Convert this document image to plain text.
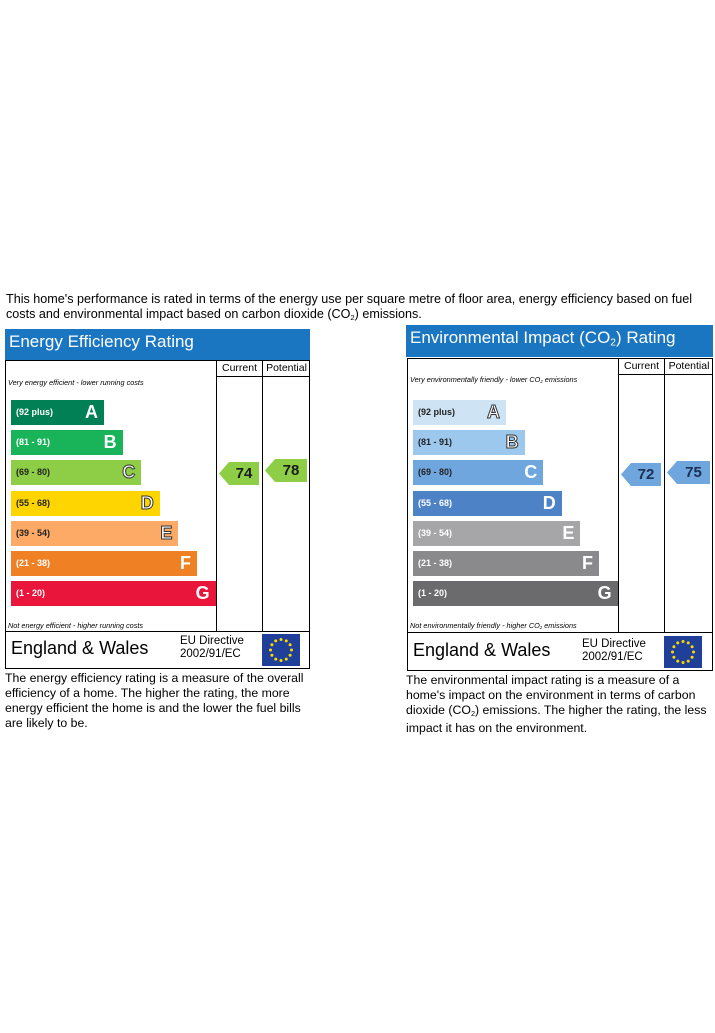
This home's performance is rated in terms of the energy use per square metre of floor area, energy efficiency based on fuel costs and environmental impact based on carbon dioxide $(CO_2)$ emissions.
Energy Efficiency Rating
Current Potential
Very energy efficient - lower running costs
Not energy efficient - higher running costs
(92 plus) A
(81 - 91)	B
(69 - 80)	C
(55 - 68)	D
(39 - 54)	E
(21 - 38)	F
(1 - 20)	G
74	78
England & Wales	EU Directive
2002/91/EC
The energy efficiency rating is a measure of the overall efficiency of a home. The higher the rating, the more energy efficient the home is and the lower the fuel bills are likely to be.
Environmental Impact $(CO_2)$ Rating
Current Potential
Very environmentally friendly - lower $CO_2$ emissions
Not environmentally friendly - higher $CO_2$ emissions
(92 plus) A
(81 - 91)	B
(69 - 80)	C
(55 - 68)	D
(39 - 54)	E
(21 - 38)	F
(1 - 20)	G
72	75
England & Wales	EU Directive
2002/91/EC
The environmental impact rating is a measure of a home's impact on the environment in terms of carbon dioxide $(CO_2)$ emissions. The higher the rating, the less impact it has on the environment.
